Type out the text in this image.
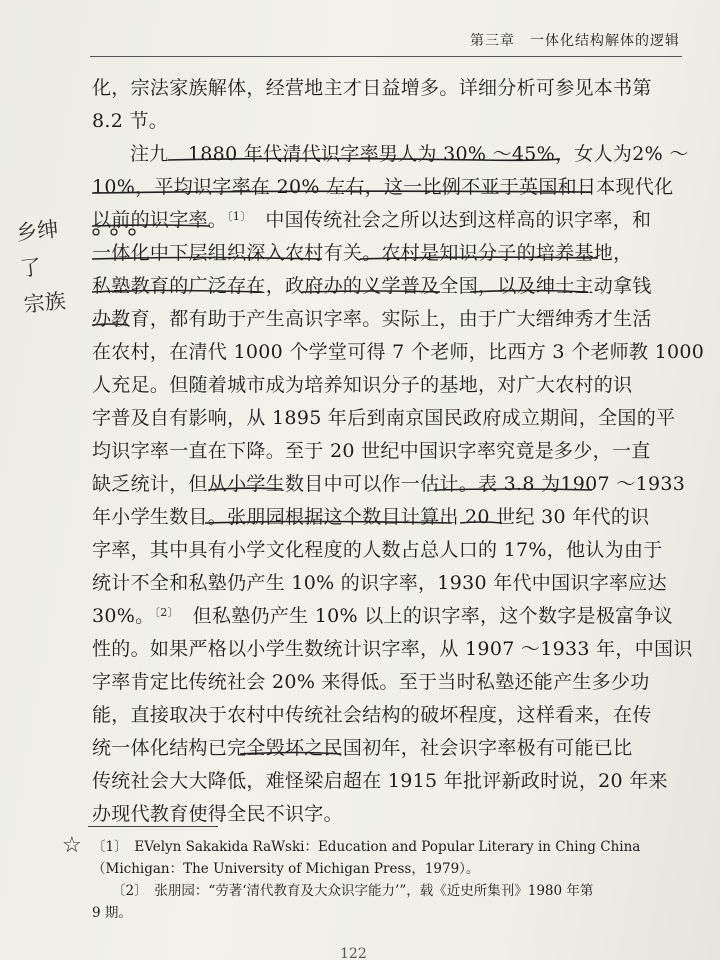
第三章　一体化结构解体的逻辑
化，宗法家族解体，经营地主才日益增多。详细分析可参见本书第
8.2 节。
注九　1880 年代清代识字率男人为 30% ～45%，女人为2% ～
10%，平均识字率在 20% 左右，这一比例不亚于英国和日本现代化
以前的识字率。$^{〔1〕}$　中国传统社会之所以达到这样高的识字率，和
一体化中下层组织深入农村有关。农村是知识分子的培养基地，
私塾教育的广泛存在，政府办的义学普及全国，以及绅士主动拿钱
办教育，都有助于产生高识字率。实际上，由于广大缙绅秀才生活
在农村，在清代 1000 个学堂可得 7 个老师，比西方 3 个老师教 1000
人充足。但随着城市成为培养知识分子的基地，对广大农村的识
字普及自有影响，从 1895 年后到南京国民政府成立期间，全国的平
均识字率一直在下降。至于 20 世纪中国识字率究竟是多少，一直
缺乏统计，但从小学生数目中可以作一估计。表 3.8 为1907 ～1933
年小学生数目。张朋园根据这个数目计算出 20 世纪 30 年代的识
字率，其中具有小学文化程度的人数占总人口的 17%，他认为由于
统计不全和私塾仍产生 10% 的识字率，1930 年代中国识字率应达
30%。$^{〔2〕}$　但私塾仍产生 10% 以上的识字率，这个数字是极富争议
性的。如果严格以小学生数统计识字率，从 1907 ～1933 年，中国识
字率肯定比传统社会 20% 来得低。至于当时私塾还能产生多少功
能，直接取决于农村中传统社会结构的破坏程度，这样看来，在传
统一体化结构已完全毁坏之民国初年，社会识字率极有可能已比
传统社会大大降低，难怪梁启超在 1915 年批评新政时说，20 年来
办现代教育使得全民不识字。
乡绅了
宗族
☆ 〔1〕　EVelyn Sakakida RaWski：Education and Popular Literary in Ching China
（Michigan：The University of Michigan Press，1979）。
〔2〕　张朋园：“劳著‘清代教育及大众识字能力’”，载《近史所集刊》1980 年第
9 期。
122
